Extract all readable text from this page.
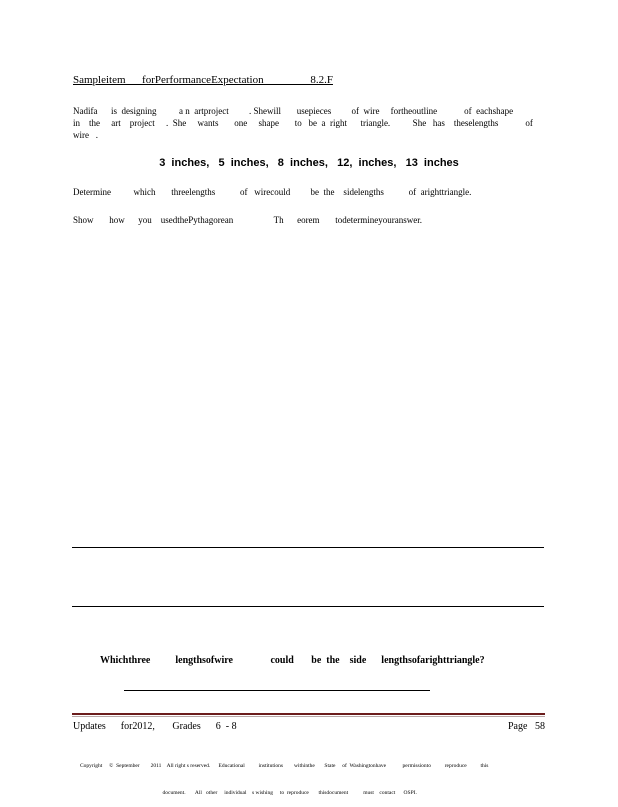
Sampleitem      forPerformanceExpectation                 8.2.F
Nadifa      is  designing          a n  artproject         . Shewill       usepieces         of  wire     fortheoutline            of  eachshape
in    the     art    project     .  She     wants       one     shape       to   be  a  right      triangle.          She   has    theselengths            of
wire   .
3  inches,   5  inches,   8  inches,   12,  inches,   13  inches
Determine          which       threelengths           of   wirecould         be  the    sidelengths           of  arighttriangle.
Show       how      you    usedthePythagorean                  Th      eorem       todetermineyouranswer.
Whichthree          lengthsofwire               could       be  the    side      lengthsofarighttriangle?
Updates      for2012,       Grades      6  - 8	Page   58

Copyright     ©  September        2011    All right s reserved.      Educational          institutions        withinthe       State     of  Washingtonhave            permissionto          reproduce          this

document.       All   other     individual    s wishing     to  reproduce       thisdocument           must    contact      OSPI.
